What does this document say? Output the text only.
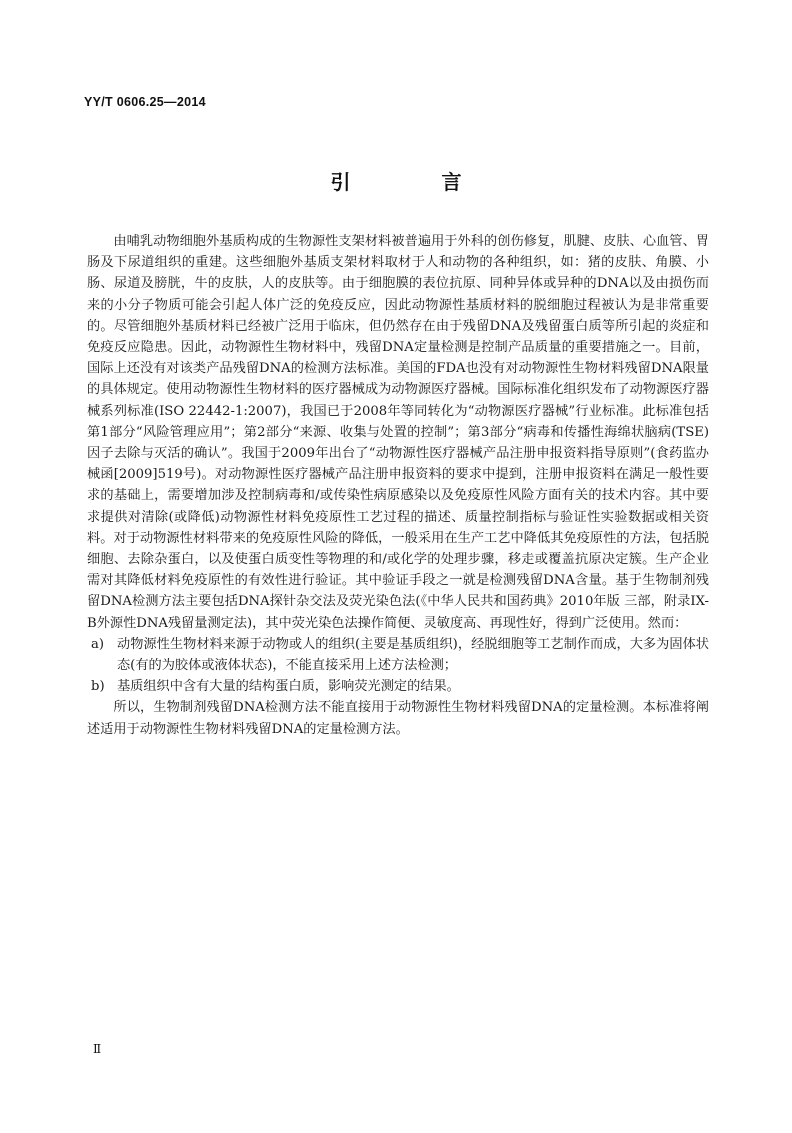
YY/T 0606.25—2014
引 言

由哺乳动物细胞外基质构成的生物源性支架材料被普遍用于外科的创伤修复，肌腱、皮肤、心血管、胃肠及下尿道组织的重建。这些细胞外基质支架材料取材于人和动物的各种组织，如：猪的皮肤、角膜、小肠、尿道及膀胱，牛的皮肤，人的皮肤等。由于细胞膜的表位抗原、同种异体或异种的DNA以及由损伤而来的小分子物质可能会引起人体广泛的免疫反应，因此动物源性基质材料的脱细胞过程被认为是非常重要的。尽管细胞外基质材料已经被广泛用于临床，但仍然存在由于残留DNA及残留蛋白质等所引起的炎症和免疫反应隐患。因此，动物源性生物材料中，残留DNA定量检测是控制产品质量的重要措施之一。目前，国际上还没有对该类产品残留DNA的检测方法标准。美国的FDA也没有对动物源性生物材料残留DNA限量的具体规定。使用动物源性生物材料的医疗器械成为动物源医疗器械。国际标准化组织发布了动物源医疗器械系列标准(ISO 22442-1:2007)，我国已于2008年等同转化为“动物源医疗器械”行业标准。此标准包括第1部分“风险管理应用”；第2部分“来源、收集与处置的控制”；第3部分“病毒和传播性海绵状脑病(TSE)因子去除与灭活的确认”。我国于2009年出台了“动物源性医疗器械产品注册申报资料指导原则”(食药监办械函[2009]519号)。对动物源性医疗器械产品注册申报资料的要求中提到，注册申报资料在满足一般性要求的基础上，需要增加涉及控制病毒和/或传染性病原感染以及免疫原性风险方面有关的技术内容。其中要求提供对清除(或降低)动物源性材料免疫原性工艺过程的描述、质量控制指标与验证性实验数据或相关资料。对于动物源性材料带来的免疫原性风险的降低，一般采用在生产工艺中降低其免疫原性的方法，包括脱细胞、去除杂蛋白，以及使蛋白质变性等物理的和/或化学的处理步骤，移走或覆盖抗原决定簇。生产企业需对其降低材料免疫原性的有效性进行验证。其中验证手段之一就是检测残留DNA含量。基于生物制剂残留DNA检测方法主要包括DNA探针杂交法及荧光染色法(《中华人民共和国药典》2010年版 三部，附录IX-B外源性DNA残留量测定法)，其中荧光染色法操作简便、灵敏度高、再现性好，得到广泛使用。然而：

a) 动物源性生物材料来源于动物或人的组织(主要是基质组织)，经脱细胞等工艺制作而成，大多为固体状态(有的为胶体或液体状态)，不能直接采用上述方法检测；

b) 基质组织中含有大量的结构蛋白质，影响荧光测定的结果。

所以，生物制剂残留DNA检测方法不能直接用于动物源性生物材料残留DNA的定量检测。本标准将阐述适用于动物源性生物材料残留DNA的定量检测方法。

Ⅱ
